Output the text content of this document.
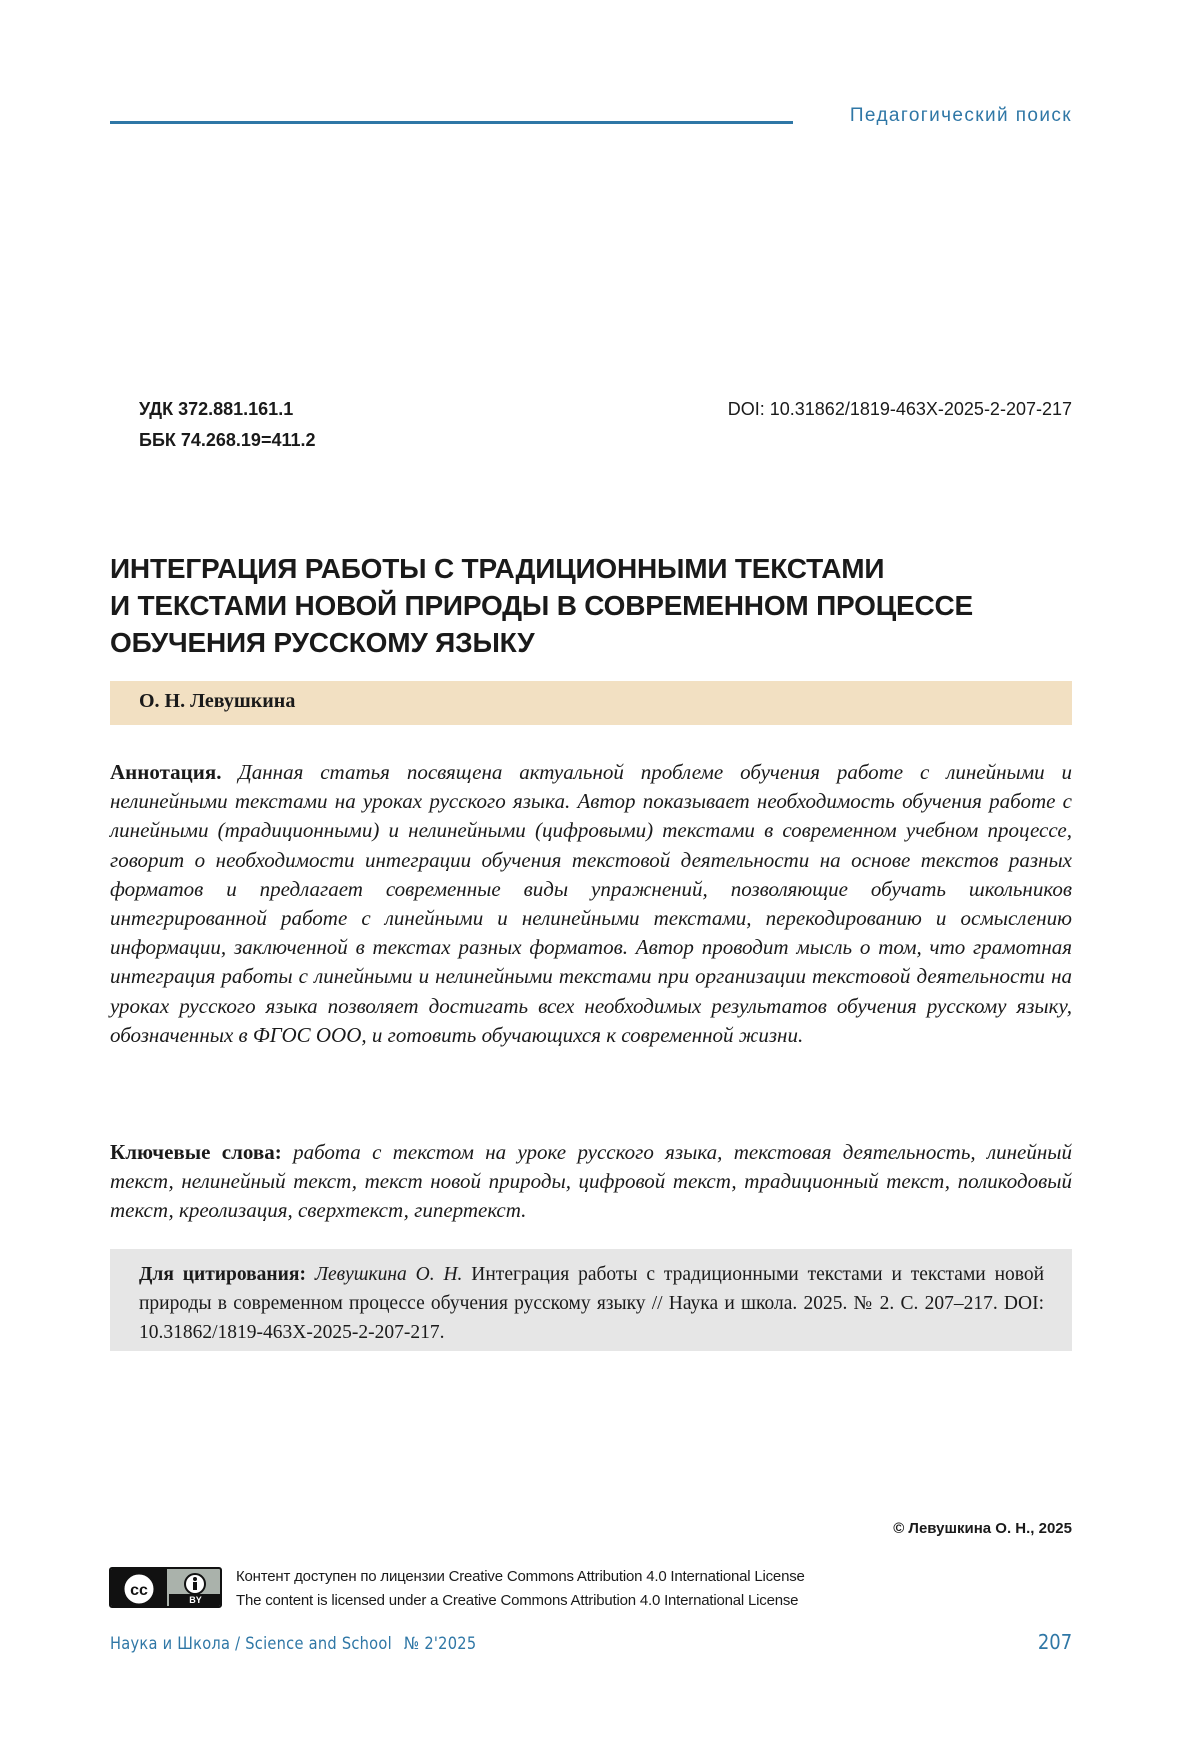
Педагогический поиск
УДК 372.881.161.1
ББК 74.268.19=411.2
DOI: 10.31862/1819-463X-2025-2-207-217
ИНТЕГРАЦИЯ РАБОТЫ С ТРАДИЦИОННЫМИ ТЕКСТАМИ
И ТЕКСТАМИ НОВОЙ ПРИРОДЫ В СОВРЕМЕННОМ ПРОЦЕССЕ
ОБУЧЕНИЯ РУССКОМУ ЯЗЫКУ
О. Н. Левушкина

Аннотация. Данная статья посвящена актуальной проблеме обучения работе с линейными и нелинейными текстами на уроках русского языка. Автор показывает необходимость обучения работе с линейными (традиционными) и нелинейными (цифровыми) текстами в современном учебном процессе, говорит о необходимости интеграции обучения текстовой деятельности на основе текстов разных форматов и предлагает современные виды упражнений, позволяющие обучать школьников интегрированной работе с линейными и нелинейными текстами, перекодированию и осмыслению информации, заключенной в текстах разных форматов. Автор проводит мысль о том, что грамотная интеграция работы с линейными и нелинейными текстами при организации текстовой деятельности на уроках русского языка позволяет достигать всех необходимых результатов обучения русскому языку, обозначенных в ФГОС ООО, и готовить обучающихся к современной жизни.

Ключевые слова: работа с текстом на уроке русского языка, текстовая деятельность, линейный текст, нелинейный текст, текст новой природы, цифровой текст, традиционный текст, поликодовый текст, креолизация, сверхтекст, гипертекст.

Для цитирования: Левушкина О. Н. Интеграция работы с традиционными текстами и текстами новой природы в современном процессе обучения русскому языку // Наука и школа. 2025. № 2. С. 207–217. DOI: 10.31862/1819-463X-2025-2-207-217.

© Левушкина О. Н., 2025
cc
BY
Контент доступен по лицензии Creative Commons Attribution 4.0 International License
The content is licensed under a Creative Commons Attribution 4.0 International License
Наука и Школа / Science and School № 2'2025	207
